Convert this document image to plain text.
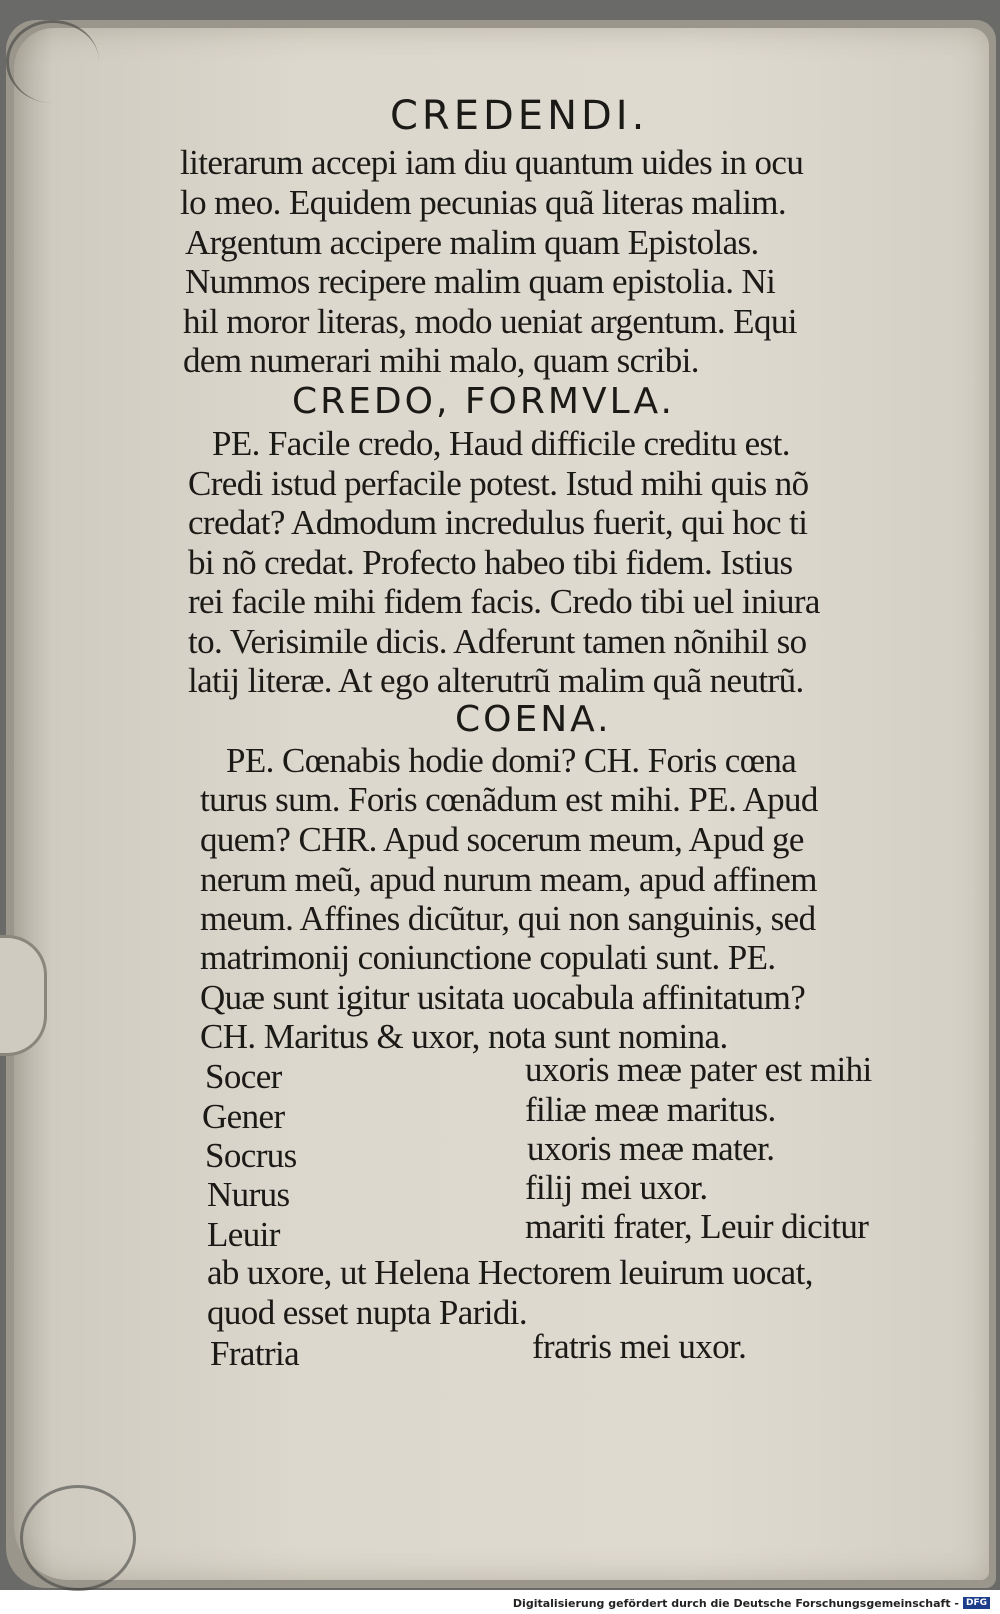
CREDENDI.
literarum accepi iam diu quantum uides in ocu
lo meo. Equidem pecunias quã literas malim.
Argentum accipere malim quam Epistolas.
Nummos recipere malim quam epistolia. Ni
hil moror literas, modo ueniat argentum. Equi
dem numerari mihi malo, quam scribi.
CREDO, FORMVLA.
PE. Facile credo, Haud difficile creditu est.
Credi istud perfacile potest. Istud mihi quis nõ
credat? Admodum incredulus fuerit, qui hoc ti
bi nõ credat. Profecto habeo tibi fidem. Istius
rei facile mihi fidem facis. Credo tibi uel iniura
to. Verisimile dicis. Adferunt tamen nõnihil so
latij literæ. At ego alterutrũ malim quã neutrũ.
COENA.
PE. Cœnabis hodie domi? CH. Foris cœna
turus sum. Foris cœnãdum est mihi. PE. Apud
quem? CHR. Apud socerum meum, Apud ge
nerum meũ, apud nurum meam, apud affinem
meum. Affines dicũtur, qui non sanguinis, sed
matrimonij coniunctione copulati sunt. PE.
Quæ sunt igitur usitata uocabula affinitatum?
CH. Maritus & uxor, nota sunt nomina.
Socer	uxoris meæ pater est mihi
Gener	filiæ meæ maritus.
Socrus	uxoris meæ mater.
Nurus	filij mei uxor.
Leuir	mariti frater, Leuir dicitur
ab uxore, ut Helena Hectorem leuirum uocat,
quod esset nupta Paridi.
Fratria	fratris mei uxor.
Digitalisierung gefördert durch die Deutsche Forschungsgemeinschaft - DFG
